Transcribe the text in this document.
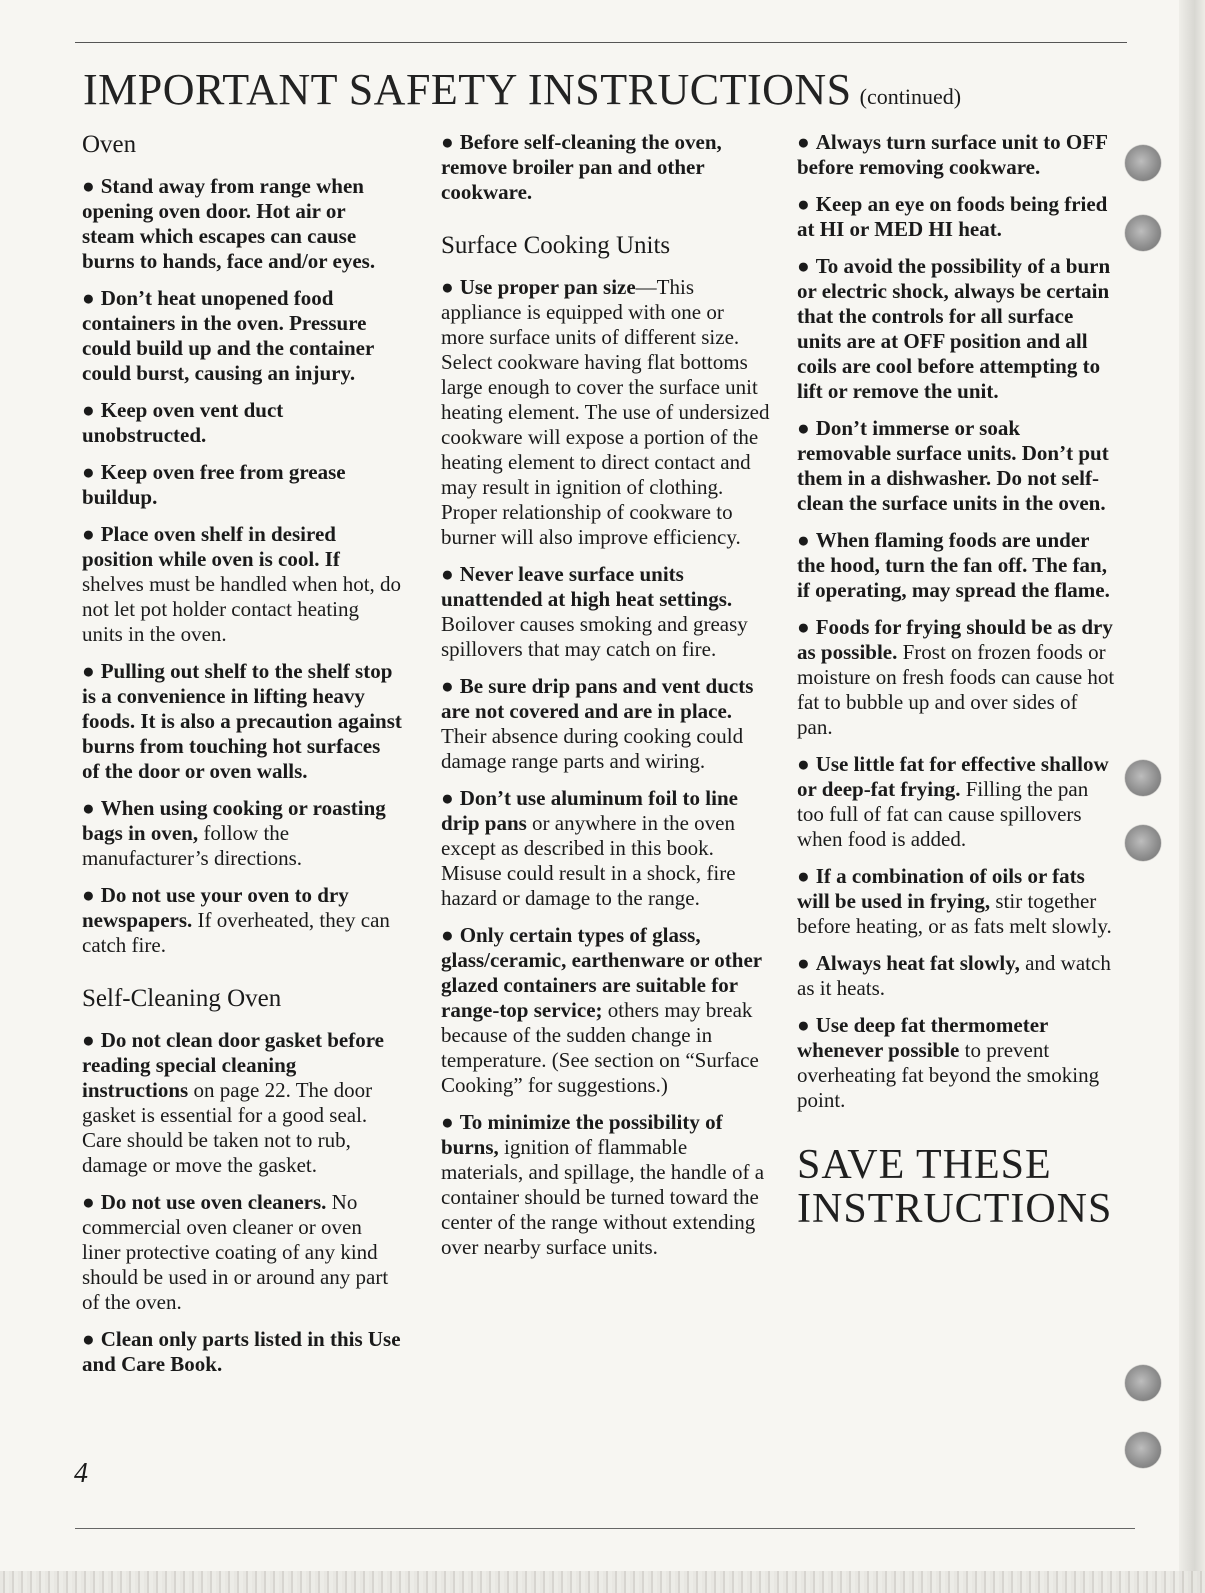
IMPORTANT SAFETY INSTRUCTIONS (continued)
Oven

● Stand away from range when opening oven door. Hot air or steam which escapes can cause burns to hands, face and/or eyes.

● Don’t heat unopened food containers in the oven. Pressure could build up and the container could burst, causing an injury.

● Keep oven vent duct unobstructed.

● Keep oven free from grease buildup.

● Place oven shelf in desired position while oven is cool. If shelves must be handled when hot, do not let pot holder contact heating units in the oven.

● Pulling out shelf to the shelf stop is a convenience in lifting heavy foods. It is also a precaution against burns from touching hot surfaces of the door or oven walls.

● When using cooking or roasting bags in oven, follow the manufacturer’s directions.

● Do not use your oven to dry newspapers. If overheated, they can catch fire.

Self-Cleaning Oven

● Do not clean door gasket before reading special cleaning instructions on page 22. The door gasket is essential for a good seal. Care should be taken not to rub, damage or move the gasket.

● Do not use oven cleaners. No commercial oven cleaner or oven liner protective coating of any kind should be used in or around any part of the oven.

● Clean only parts listed in this Use and Care Book.

● Before self-cleaning the oven, remove broiler pan and other cookware.

Surface Cooking Units

● Use proper pan size—This appliance is equipped with one or more surface units of different size. Select cookware having flat bottoms large enough to cover the surface unit heating element. The use of undersized cookware will expose a portion of the heating element to direct contact and may result in ignition of clothing. Proper relationship of cookware to burner will also improve efficiency.

● Never leave surface units unattended at high heat settings. Boilover causes smoking and greasy spillovers that may catch on fire.

● Be sure drip pans and vent ducts are not covered and are in place. Their absence during cooking could damage range parts and wiring.

● Don’t use aluminum foil to line drip pans or anywhere in the oven except as described in this book. Misuse could result in a shock, fire hazard or damage to the range.

● Only certain types of glass, glass/ceramic, earthenware or other glazed containers are suitable for range-top service; others may break because of the sudden change in temperature. (See section on “Surface Cooking” for suggestions.)

● To minimize the possibility of burns, ignition of flammable materials, and spillage, the handle of a container should be turned toward the center of the range without extending over nearby surface units.

● Always turn surface unit to OFF before removing cookware.

● Keep an eye on foods being fried at HI or MED HI heat.

● To avoid the possibility of a burn or electric shock, always be certain that the controls for all surface units are at OFF position and all coils are cool before attempting to lift or remove the unit.

● Don’t immerse or soak removable surface units. Don’t put them in a dishwasher. Do not self-clean the surface units in the oven.

● When flaming foods are under the hood, turn the fan off. The fan, if operating, may spread the flame.

● Foods for frying should be as dry as possible. Frost on frozen foods or moisture on fresh foods can cause hot fat to bubble up and over sides of pan.

● Use little fat for effective shallow or deep-fat frying. Filling the pan too full of fat can cause spillovers when food is added.

● If a combination of oils or fats will be used in frying, stir together before heating, or as fats melt slowly.

● Always heat fat slowly, and watch as it heats.

● Use deep fat thermometer whenever possible to prevent overheating fat beyond the smoking point.

SAVE THESE INSTRUCTIONS
4
